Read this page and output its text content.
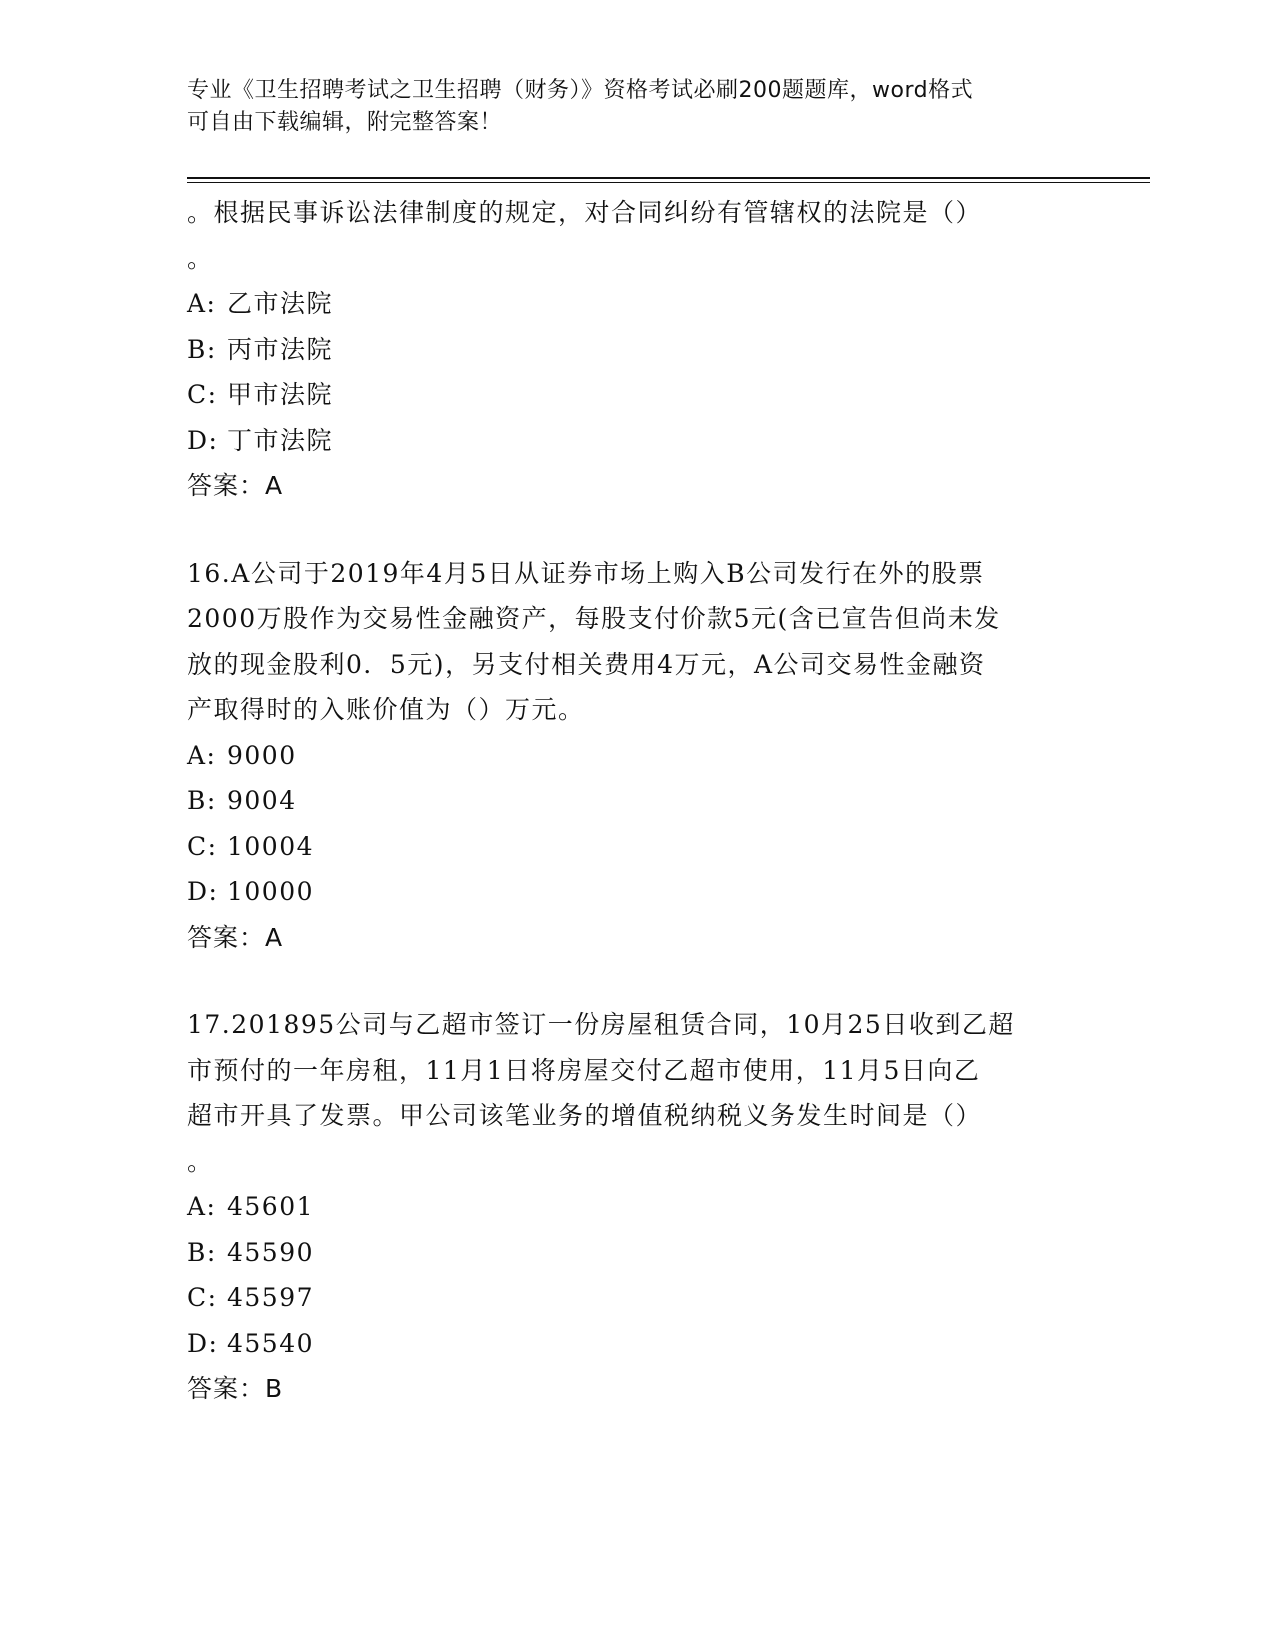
专业《卫生招聘考试之卫生招聘（财务）》资格考试必刷200题题库，word格式
可自由下载编辑，附完整答案！
。根据民事诉讼法律制度的规定，对合同纠纷有管辖权的法院是（）
。
A: 乙市法院
B: 丙市法院
C: 甲市法院
D: 丁市法院
答案：A
16.A公司于2019年4月5日从证券市场上购入B公司发行在外的股票
2000万股作为交易性金融资产，每股支付价款5元(含已宣告但尚未发
放的现金股利0．5元)，另支付相关费用4万元，A公司交易性金融资
产取得时的入账价值为（）万元。
A: 9000
B: 9004
C: 10004
D: 10000
答案：A
17.201895公司与乙超市签订一份房屋租赁合同，10月25日收到乙超
市预付的一年房租，11月1日将房屋交付乙超市使用，11月5日向乙
超市开具了发票。甲公司该笔业务的增值税纳税义务发生时间是（）
。
A: 45601
B: 45590
C: 45597
D: 45540
答案：B
